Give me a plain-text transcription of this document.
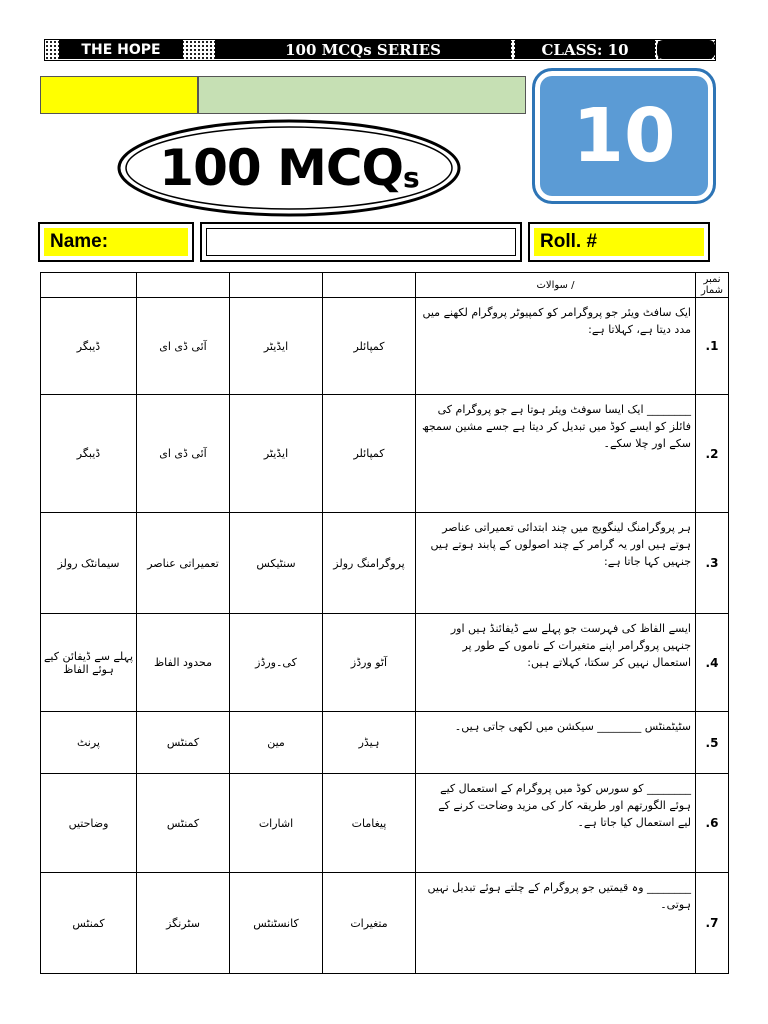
THE HOPE	100 MCQs SERIES	CLASS: 10
100 MCQ s	10
Name:	Roll. #
				سوالات /	نمبر شمار
ڈیبگر	آئی ڈی ای	ایڈیٹر	کمپائلر	ایک سافٹ ویئر جو پروگرامر کو کمپیوٹر پروگرام لکھنے میں مدد دیتا ہے، کہلاتا ہے:	.1
ڈیبگر	آئی ڈی ای	ایڈیٹر	کمپائلر	________ ایک ایسا سوفٹ ویئر ہوتا ہے جو پروگرام کی فائلز کو ایسے کوڈ میں تبدیل کر دیتا ہے جسے مشین سمجھ سکے اور چلا سکے۔	.2
سیمانٹک رولز	تعمیراتی عناصر	سنٹیکس	پروگرامنگ رولز	ہر پروگرامنگ لینگویج میں چند ابتدائی تعمیراتی عناصر ہوتے ہیں اور یہ گرامر کے چند اصولوں کے پابند ہوتے ہیں جنہیں کہا جاتا ہے:	.3
پہلے سے ڈیفائن کیے ہوئے الفاظ	محدود الفاظ	کی۔ورڈز	آٹو ورڈز	ایسے الفاظ کی فہرست جو پہلے سے ڈیفائنڈ ہیں اور جنہیں پروگرامر اپنے متغیرات کے ناموں کے طور پر استعمال نہیں کر سکتا، کہلاتے ہیں:	.4
پرنٹ	کمنٹس	مین	ہیڈر	سٹیٹمنٹس ________ سیکشن میں لکھی جاتی ہیں۔	.5
وضاحتیں	کمنٹس	اشارات	پیغامات	________ کو سورس کوڈ میں پروگرام کے استعمال کیے ہوئے الگورتھم اور طریقہ کار کی مزید وضاحت کرنے کے لیے استعمال کیا جاتا ہے۔	.6
کمنٹس	سٹرنگز	کانسٹنٹس	متغیرات	________ وہ قیمتیں جو پروگرام کے چلتے ہوئے تبدیل نہیں ہوتی۔	.7
